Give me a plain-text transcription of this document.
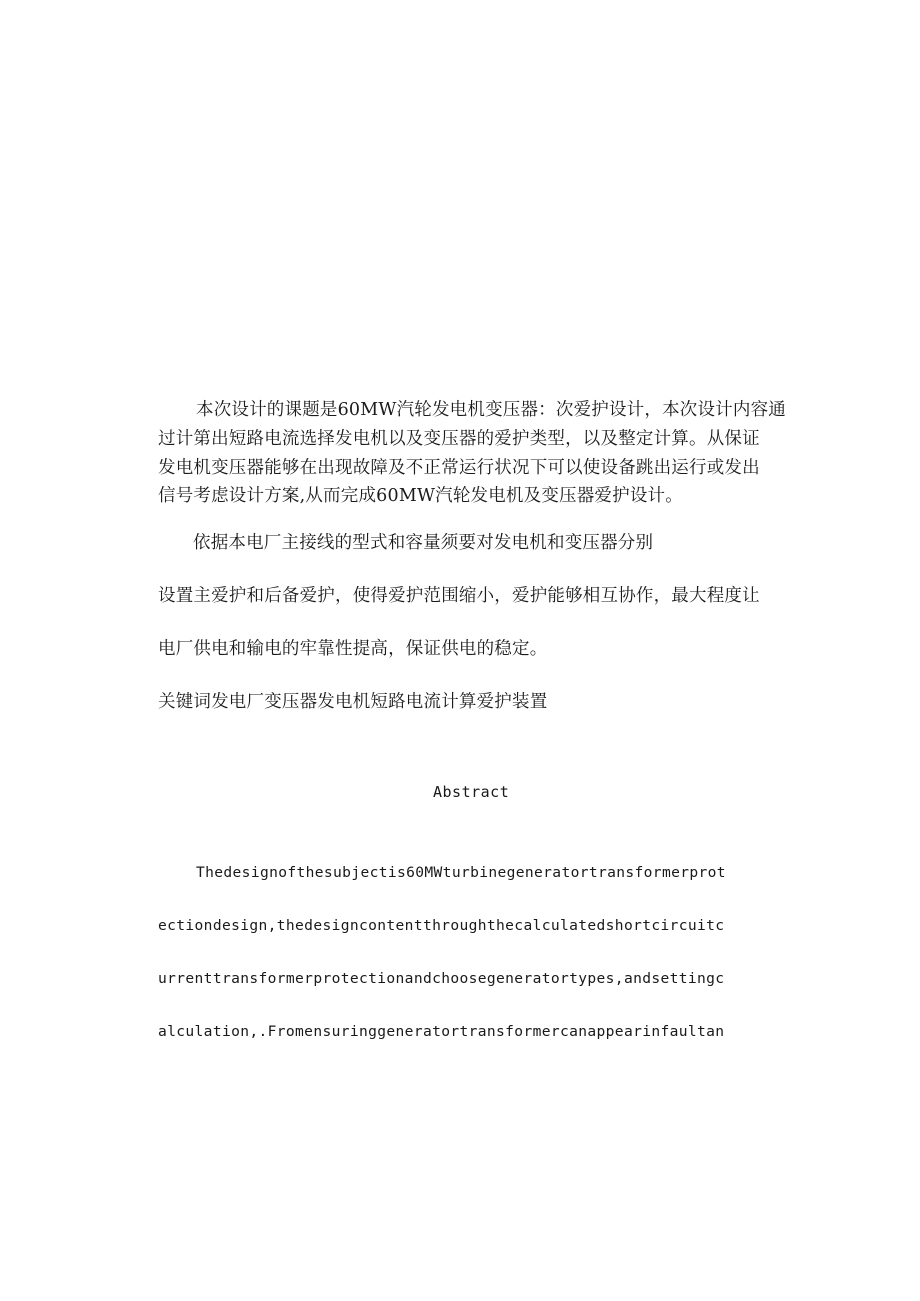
本次设计的课题是60MW汽轮发电机变压器：次爱护设计，本次设计内容通
过计第出短路电流选择发电机以及变压器的爱护类型，以及整定计算。从保证
发电机变压器能够在出现故障及不正常运行状况下可以使设备跳出运行或发出
信号考虑设计方案,从而完成60MW汽轮发电机及变压器爱护设计。
依据本电厂主接线的型式和容量须要对发电机和变压器分别
设置主爱护和后备爱护，使得爱护范围缩小，爱护能够相互协作，最大程度让
电厂供电和输电的牢靠性提高，保证供电的稳定。
关键词发电厂变压器发电机短路电流计算爱护装置
Abstract
Thedesignofthesubjectis60MWturbinegeneratortransformerprot
ectiondesign,thedesigncontentthroughthecalculatedshortcircuitc
urrenttransformerprotectionandchoosegeneratortypes,andsettingc
alculation,.Fromensuringgeneratortransformercanappearinfaultan
